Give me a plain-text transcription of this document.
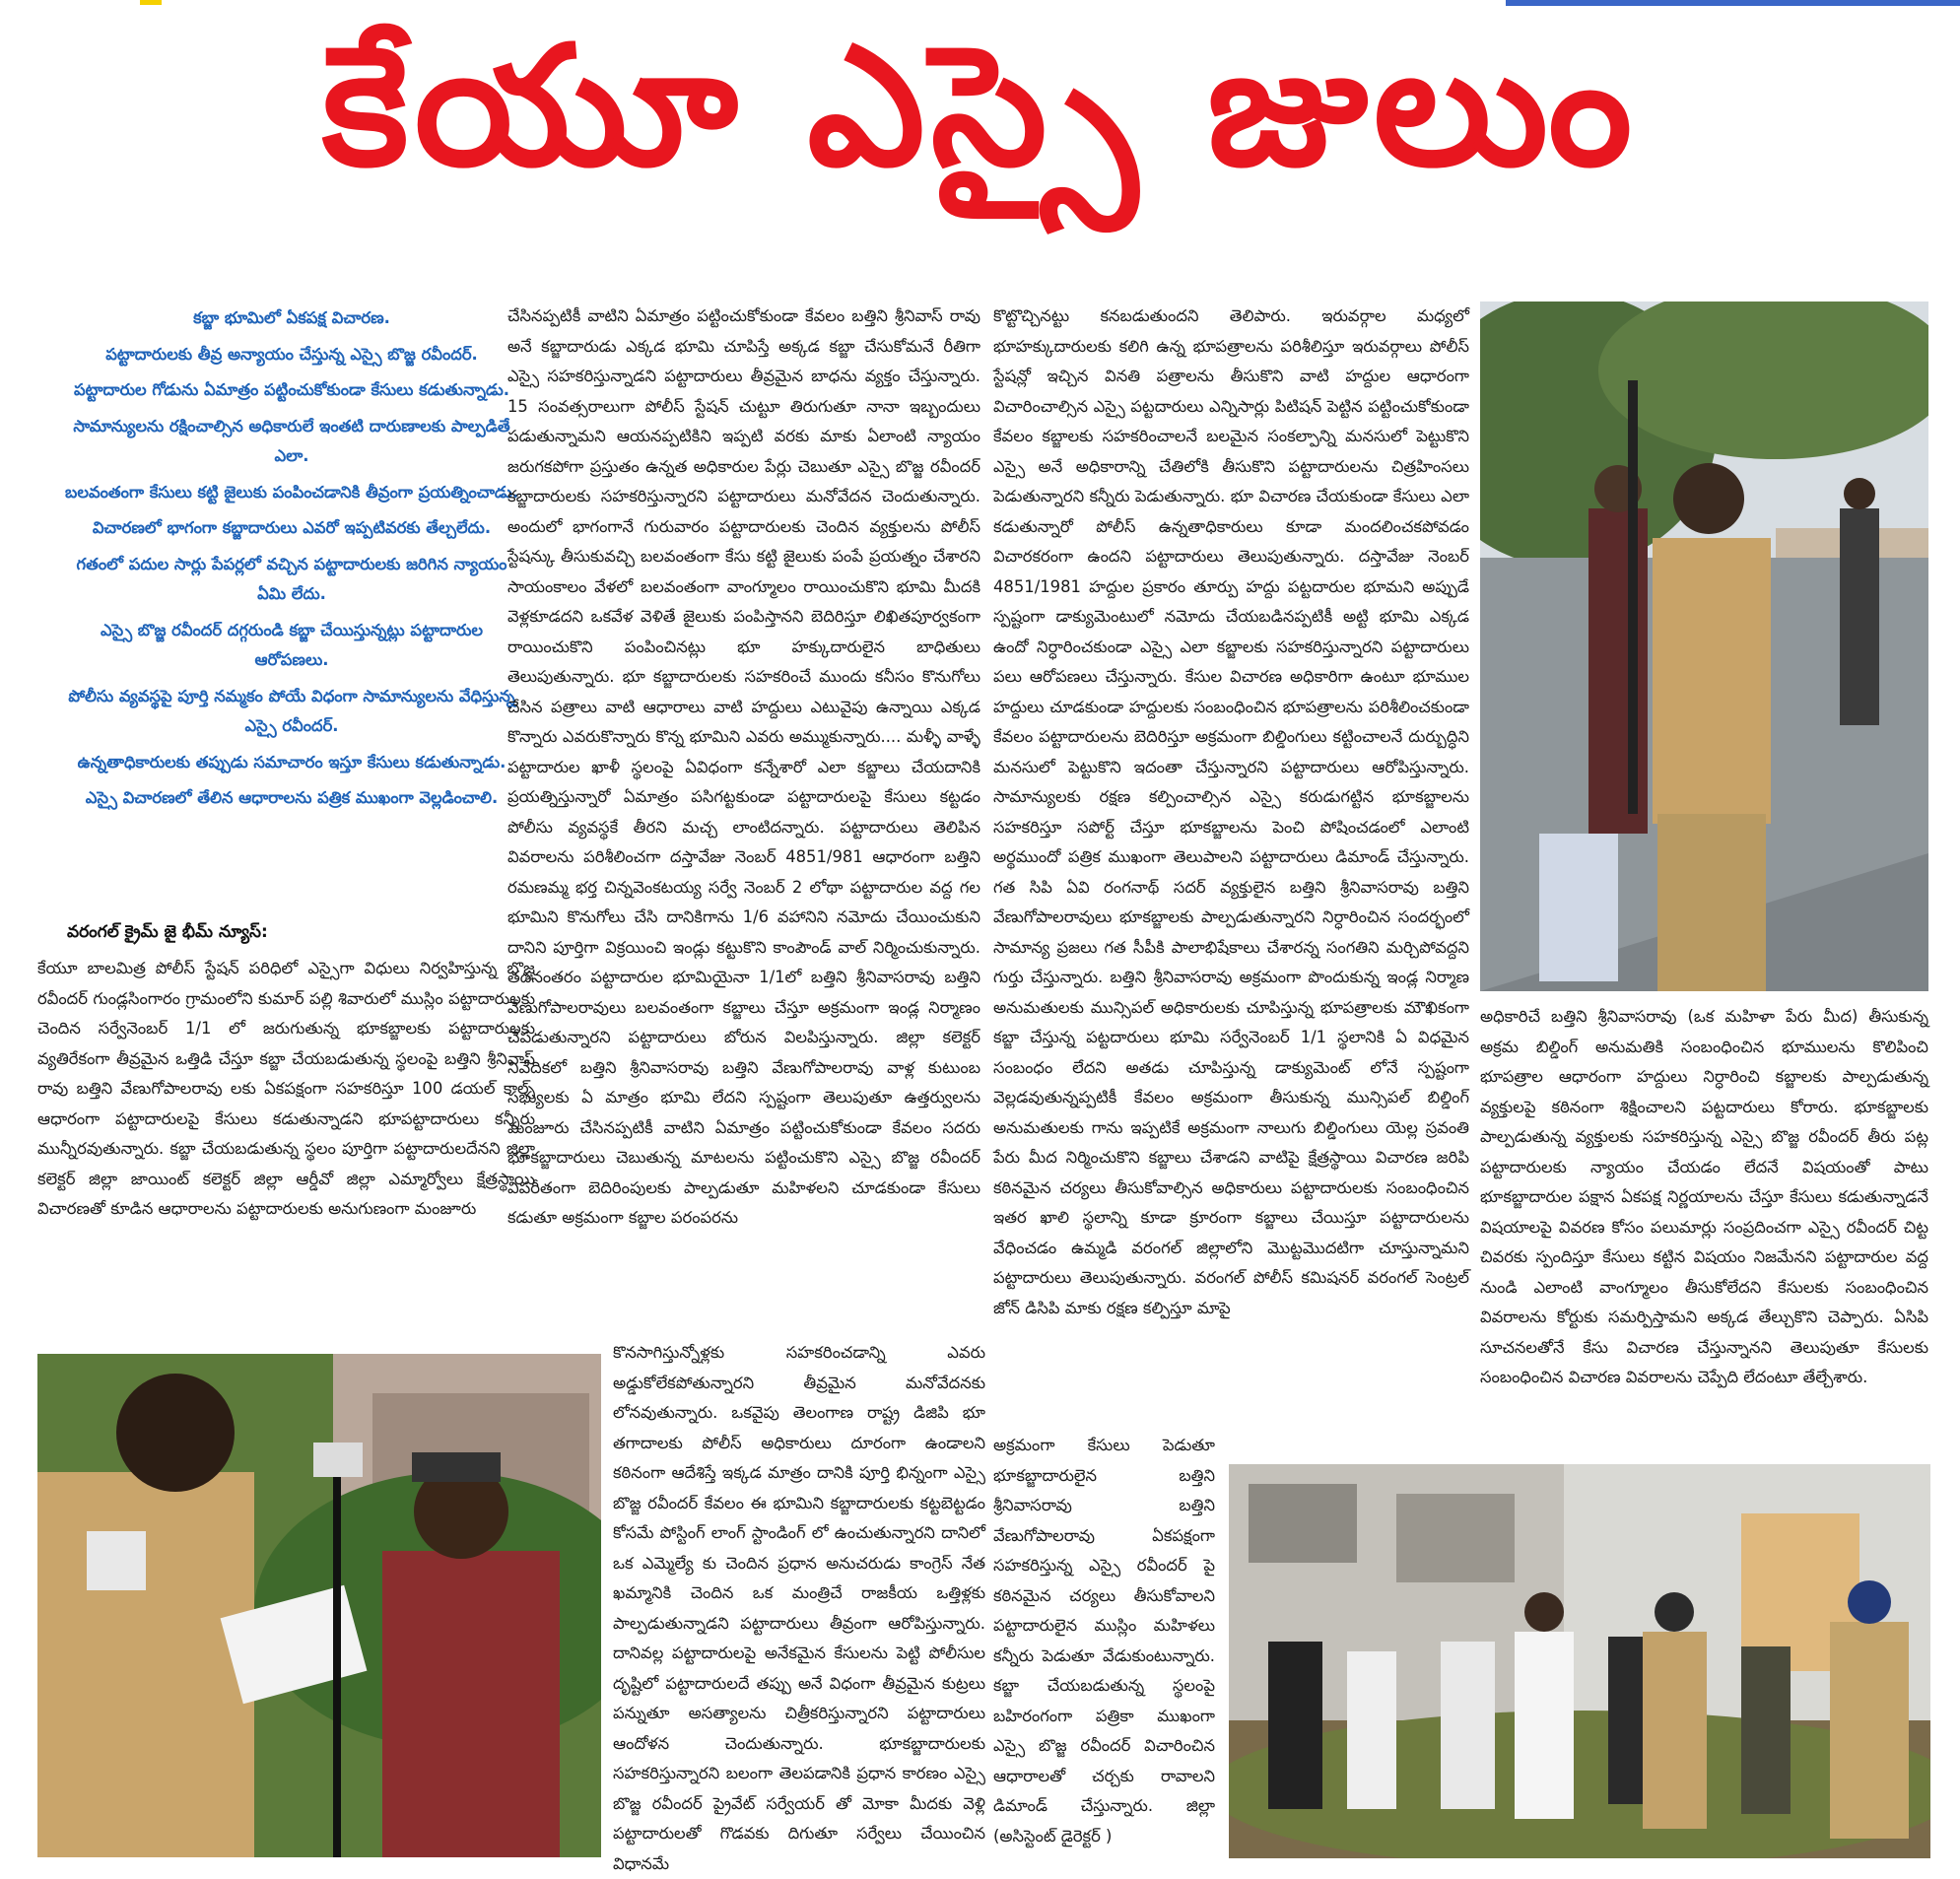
కేయూ ఎస్సై జులుం

కబ్జా భూమిలో ఏకపక్ష విచారణ.

పట్టాదారులకు తీవ్ర అన్యాయం చేస్తున్న ఎస్సై బొజ్జ రవీందర్.

పట్టాదారుల గోడును ఏమాత్రం పట్టించుకోకుండా కేసులు కడుతున్నాడు.

సామాన్యులను రక్షించాల్సిన అధికారులే ఇంతటి దారుణాలకు పాల్పడితే ఎలా.

బలవంతంగా కేసులు కట్టి జైలుకు పంపించడానికి తీవ్రంగా ప్రయత్నించాడు.

విచారణలో భాగంగా కబ్జాదారులు ఎవరో ఇప్పటివరకు తేల్చలేదు.

గతంలో పదుల సార్లు పేపర్లలో వచ్చిన పట్టాదారులకు జరిగిన న్యాయం ఏమి లేదు.

ఎస్సై బొజ్జ రవీందర్ దగ్గరుండి కబ్జా చేయిస్తున్నట్లు పట్టాదారుల ఆరోపణలు.

పోలీసు వ్యవస్థపై పూర్తి నమ్మకం పోయే విధంగా సామాన్యులను వేధిస్తున్న ఎస్సై రవీందర్.

ఉన్నతాధికారులకు తప్పుడు సమాచారం ఇస్తూ కేసులు కడుతున్నాడు.

ఎస్సై విచారణలో తేలిన ఆధారాలను పత్రిక ముఖంగా వెల్లడించాలి.

వరంగల్ క్రైమ్ జై భీమ్ న్యూస్:

కేయూ బాలమిత్ర పోలీస్ స్టేషన్ పరిధిలో ఎస్సైగా విధులు నిర్వహిస్తున్న బొజ్జ రవీందర్ గుండ్లసింగారం గ్రామంలోని కుమార్ పల్లి శివారులో ముస్లిం పట్టాదారులకు చెందిన సర్వేనెంబర్ 1/1 లో జరుగుతున్న భూకబ్జాలకు పట్టాదారులకు వ్యతిరేకంగా తీవ్రమైన ఒత్తిడి చేస్తూ కబ్జా చేయబడుతున్న స్థలంపై బత్తిని శ్రీనివాస్ రావు బత్తిని వేణుగోపాలరావు లకు ఏకపక్షంగా సహకరిస్తూ 100 డయల్ కాల్స్ ఆధారంగా పట్టాదారులపై కేసులు కడుతున్నాడని భూపట్టాదారులు కన్నీరు మున్నీరవుతున్నారు. కబ్జా చేయబడుతున్న స్థలం పూర్తిగా పట్టాదారులదేనని జిల్లా కలెక్టర్ జిల్లా జాయింట్ కలెక్టర్ జిల్లా ఆర్డీవో జిల్లా ఎమ్మార్వోలు క్షేత్రస్థాయి విచారణతో కూడిన ఆధారాలను పట్టాదారులకు అనుగుణంగా మంజూరు

చేసినప్పటికీ వాటిని ఏమాత్రం పట్టించుకోకుండా కేవలం బత్తిని శ్రీనివాస్ రావు అనే కబ్జాదారుడు ఎక్కడ భూమి చూపిస్తే అక్కడ కబ్జా చేసుకోమనే రీతిగా ఎస్సై సహకరిస్తున్నాడని పట్టాదారులు తీవ్రమైన బాధను వ్యక్తం చేస్తున్నారు. 15 సంవత్సరాలుగా పోలీస్ స్టేషన్ చుట్టూ తిరుగుతూ నానా ఇబ్బందులు పడుతున్నామని ఆయనప్పటికిని ఇప్పటి వరకు మాకు ఏలాంటి న్యాయం జరుగకపోగా ప్రస్తుతం ఉన్నత అధికారుల పేర్లు చెబుతూ ఎస్సై బొజ్జ రవీందర్ కబ్జాదారులకు సహకరిస్తున్నారని పట్టాదారులు మనోవేదన చెందుతున్నారు. అందులో భాగంగానే గురువారం పట్టాదారులకు చెందిన వ్యక్తులను పోలీస్ స్టేషన్కు తీసుకువచ్చి బలవంతంగా కేసు కట్టి జైలుకు పంపే ప్రయత్నం చేశారని సాయంకాలం వేళలో బలవంతంగా వాంగ్మూలం రాయించుకొని భూమి మీదకి వెళ్లకూడదని ఒకవేళ వెళితే జైలుకు పంపిస్తానని బెదిరిస్తూ లిఖితపూర్వకంగా రాయించుకొని పంపించినట్లు భూ హక్కుదారులైన బాధితులు తెలుపుతున్నారు. భూ కబ్జాదారులకు సహకరించే ముందు కనీసం కొనుగోలు చేసిన పత్రాలు వాటి ఆధారాలు వాటి హద్దులు ఎటువైపు ఉన్నాయి ఎక్కడ కొన్నారు ఎవరుకొన్నారు కొన్న భూమిని ఎవరు అమ్ముకున్నారు.... మళ్ళీ వాళ్ళే పట్టాదారుల ఖాళీ స్థలంపై ఏవిధంగా కన్నేశారో ఎలా కబ్జాలు చేయదానికి ప్రయత్నిస్తున్నారో ఏమాత్రం పసిగట్టకుండా పట్టాదారులపై కేసులు కట్టడం పోలీసు వ్యవస్థకే తీరని మచ్చ లాంటిదన్నారు. పట్టాదారులు తెలిపిన వివరాలను పరిశీలించగా దస్తావేజు నెంబర్ 4851/981 ఆధారంగా బత్తిని రమణమ్మ భర్త చిన్నవెంకటయ్య సర్వే నెంబర్ 2 లోథా పట్టాదారుల వద్ద గల భూమిని కొనుగోలు చేసి దానికిగాను 1/6 వహానిని నమోదు చేయించుకుని దానిని పూర్తిగా విక్రయించి ఇండ్లు కట్టుకొని కాంపౌండ్ వాల్ నిర్మించుకున్నారు. తదనంతరం పట్టాదారుల భూమియైనా 1/1లో బత్తిని శ్రీనివాసరావు బత్తిని వేణుగోపాలరావులు బలవంతంగా కబ్జాలు చేస్తూ అక్రమంగా ఇండ్ల నిర్మాణం చేపడుతున్నారని పట్టాదారులు బోరున విలపిస్తున్నారు. జిల్లా కలెక్టర్ నివేదికలో బత్తిని శ్రీనివాసరావు బత్తిని వేణుగోపాలరావు వాళ్ల కుటుంబ సభ్యులకు ఏ మాత్రం భూమి లేదని స్పష్టంగా తెలుపుతూ ఉత్తర్వులను మంజూరు చేసినప్పటికీ వాటిని ఏమాత్రం పట్టించుకోకుండా కేవలం సదరు భూకబ్జాదారులు చెబుతున్న మాటలను పట్టించుకొని ఎస్సై బొజ్జ రవీందర్ విపరీతంగా బెదిరింపులకు పాల్పడుతూ మహిళలని చూడకుండా కేసులు కడుతూ అక్రమంగా కబ్జాల పరంపరను

కొనసాగిస్తున్నోళ్లకు సహకరించడాన్ని ఎవరు అడ్డుకోలేకపోతున్నారని తీవ్రమైన మనోవేదనకు లోనవుతున్నారు. ఒకవైపు తెలంగాణ రాష్ట్ర డిజిపి భూ తగాదాలకు పోలీస్ అధికారులు దూరంగా ఉండాలని కఠినంగా ఆదేశిస్తే ఇక్కడ మాత్రం దానికి పూర్తి భిన్నంగా ఎస్సై బొజ్జ రవీందర్ కేవలం ఈ భూమిని కబ్జాదారులకు కట్టబెట్టడం కోసమే పోస్టింగ్ లాంగ్ స్టాండింగ్ లో ఉంచుతున్నారని దానిలో ఒక ఎమ్మెల్యే కు చెందిన ప్రధాన అనుచరుడు కాంగ్రెస్ నేత ఖమ్మానికి చెందిన ఒక మంత్రిచే రాజకీయ ఒత్తిళ్లకు పాల్పడుతున్నాడని పట్టాదారులు తీవ్రంగా ఆరోపిస్తున్నారు. దానివల్ల పట్టాదారులపై అనేకమైన కేసులను పెట్టి పోలీసుల దృష్టిలో పట్టాదారులదే తప్పు అనే విధంగా తీవ్రమైన కుట్రలు పన్నుతూ అసత్యాలను చిత్రీకరిస్తున్నారని పట్టాదారులు ఆందోళన చెందుతున్నారు. భూకబ్జాదారులకు సహకరిస్తున్నారని బలంగా తెలపడానికి ప్రధాన కారణం ఎస్సై బొజ్జ రవీందర్ ప్రైవేట్ సర్వేయర్ తో మోకా మీదకు వెళ్లి పట్టాదారులతో గొడవకు దిగుతూ సర్వేలు చేయించిన విధానమే

కొట్టొచ్చినట్టు కనబడుతుందని తెలిపారు. ఇరువర్గాల మధ్యలో భూహక్కుదారులకు కలిగి ఉన్న భూపత్రాలను పరిశీలిస్తూ ఇరువర్గాలు పోలీస్ స్టేషన్లో ఇచ్చిన వినతి పత్రాలను తీసుకొని వాటి హద్దుల ఆధారంగా విచారించాల్సిన ఎస్సై పట్టదారులు ఎన్నిసార్లు పిటిషన్ పెట్టిన పట్టించుకోకుండా కేవలం కబ్జాలకు సహకరించాలనే బలమైన సంకల్పాన్ని మనసులో పెట్టుకొని ఎస్సై అనే అధికారాన్ని చేతిలోకి తీసుకొని పట్టాదారులను చిత్రహింసలు పెడుతున్నారని కన్నీరు పెడుతున్నారు. భూ విచారణ చేయకుండా కేసులు ఎలా కడుతున్నారో పోలీస్ ఉన్నతాధికారులు కూడా మందలించకపోవడం విచారకరంగా ఉందని పట్టాదారులు తెలుపుతున్నారు. దస్తావేజు నెంబర్ 4851/1981 హద్దుల ప్రకారం తూర్పు హద్దు పట్టదారుల భూమని అప్పుడే స్పష్టంగా డాక్యుమెంటులో నమోదు చేయబడినప్పటికీ అట్టి భూమి ఎక్కడ ఉందో నిర్ధారించకుండా ఎస్సై ఎలా కబ్జాలకు సహకరిస్తున్నారని పట్టాదారులు పలు ఆరోపణలు చేస్తున్నారు. కేసుల విచారణ అధికారిగా ఉంటూ భూముల హద్దులు చూడకుండా హద్దులకు సంబంధించిన భూపత్రాలను పరిశీలించకుండా కేవలం పట్టాదారులను బెదిరిస్తూ అక్రమంగా బిల్డింగులు కట్టించాలనే దుర్బుద్ధిని మనసులో పెట్టుకొని ఇదంతా చేస్తున్నారని పట్టాదారులు ఆరోపిస్తున్నారు. సామాన్యులకు రక్షణ కల్పించాల్సిన ఎస్సై కరుడుగట్టిన భూకబ్జాలను సహకరిస్తూ సపోర్ట్ చేస్తూ భూకబ్జాలను పెంచి పోషించడంలో ఎలాంటి అర్థముందో పత్రిక ముఖంగా తెలుపాలని పట్టాదారులు డిమాండ్ చేస్తున్నారు. గత సిపి ఏవి రంగనాథ్ సదర్ వ్యక్తులైన బత్తిని శ్రీనివాసరావు బత్తిని వేణుగోపాలరావులు భూకబ్జాలకు పాల్పడుతున్నారని నిర్ధారించిన సందర్భంలో సామాన్య ప్రజలు గత సీపీకి పాలాభిషేకాలు చేశారన్న సంగతిని మర్చిపోవద్దని గుర్తు చేస్తున్నారు. బత్తిని శ్రీనివాసరావు అక్రమంగా పొందుకున్న ఇండ్ల నిర్మాణ అనుమతులకు మున్సిపల్ అధికారులకు చూపిస్తున్న భూపత్రాలకు మౌఖికంగా కబ్జా చేస్తున్న పట్టదారులు భూమి సర్వేనెంబర్ 1/1 స్థలానికి ఏ విధమైన సంబంధం లేదని అతడు చూపిస్తున్న డాక్యుమెంట్ లోనే స్పష్టంగా వెల్లడవుతున్నప్పటికీ కేవలం అక్రమంగా తీసుకున్న మున్సిపల్ బిల్డింగ్ అనుమతులకు గాను ఇప్పటికే అక్రమంగా నాలుగు బిల్డింగులు యెల్ల స్రవంతి పేరు మీద నిర్మించుకొని కబ్జాలు చేశాడని వాటిపై క్షేత్రస్థాయి విచారణ జరిపి కఠినమైన చర్యలు తీసుకోవాల్సిన అధికారులు పట్టాదారులకు సంబంధించిన ఇతర ఖాలి స్థలాన్ని కూడా క్రూరంగా కబ్జాలు చేయిస్తూ పట్టాదారులను వేధించడం ఉమ్మడి వరంగల్ జిల్లాలోని మొట్టమొదటిగా చూస్తున్నామని పట్టాదారులు తెలుపుతున్నారు. వరంగల్ పోలీస్ కమిషనర్ వరంగల్ సెంట్రల్ జోన్ డిసిపి మాకు రక్షణ కల్పిస్తూ మాపై

అక్రమంగా కేసులు పెడుతూ భూకబ్జాదారులైన బత్తిని శ్రీనివాసరావు బత్తిని వేణుగోపాలరావు ఏకపక్షంగా సహకరిస్తున్న ఎస్సై రవీందర్ పై కఠినమైన చర్యలు తీసుకోవాలని పట్టాదారులైన ముస్లిం మహిళలు కన్నీరు పెడుతూ వేడుకుంటున్నారు. కబ్జా చేయబడుతున్న స్థలంపై బహిరంగంగా పత్రికా ముఖంగా ఎస్సై బొజ్జ రవీందర్ విచారించిన ఆధారాలతో చర్చకు రావాలని డిమాండ్ చేస్తున్నారు. జిల్లా (అసిస్టెంట్ డైరెక్టర్ )

అధికారిచే బత్తిని శ్రీనివాసరావు (ఒక మహిళా పేరు మీద) తీసుకున్న అక్రమ బిల్డింగ్ అనుమతికి సంబంధించిన భూములను కొలిపించి భూపత్రాల ఆధారంగా హద్దులు నిర్ధారించి కబ్జాలకు పాల్పడుతున్న వ్యక్తులపై కఠినంగా శిక్షించాలని పట్టదారులు కోరారు. భూకబ్జాలకు పాల్పడుతున్న వ్యక్తులకు సహకరిస్తున్న ఎస్సై బొజ్జ రవీందర్ తీరు పట్ల పట్టాదారులకు న్యాయం చేయడం లేదనే విషయంతో పాటు భూకబ్జాదారుల పక్షాన ఏకపక్ష నిర్ణయాలను చేస్తూ కేసులు కడుతున్నాడనే విషయాలపై వివరణ కోసం పలుమార్లు సంప్రదించగా ఎస్సై రవీందర్ చిట్ట చివరకు స్పందిస్తూ కేసులు కట్టిన విషయం నిజమేనని పట్టాదారుల వద్ద నుండి ఎలాంటి వాంగ్మూలం తీసుకోలేదని కేసులకు సంబంధించిన వివరాలను కోర్టుకు సమర్పిస్తామని అక్కడ తేల్చుకొని చెప్పారు. ఏసిపి సూచనలతోనే కేసు విచారణ చేస్తున్నానని తెలుపుతూ కేసులకు సంబంధించిన విచారణ వివరాలను చెప్పేది లేదంటూ తేల్చేశారు.
